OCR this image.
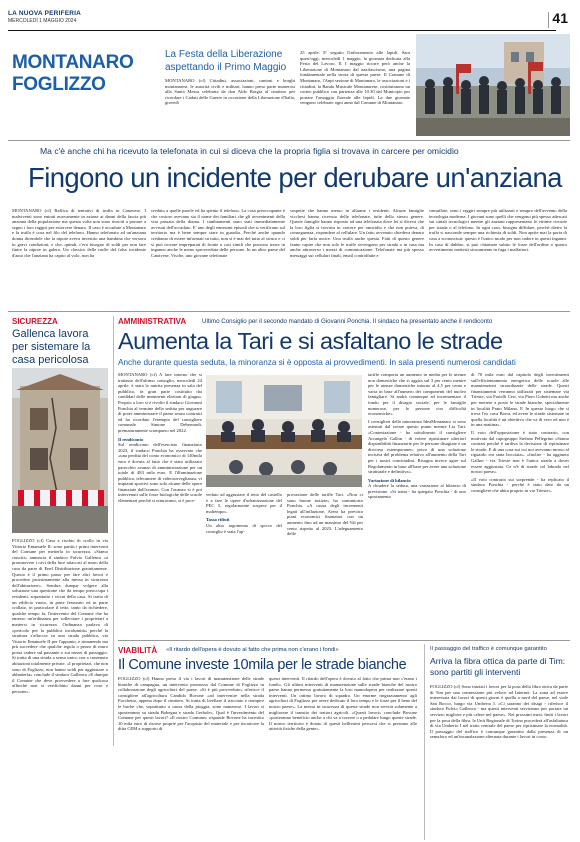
LA NUOVA PERIFERIA
MERCOLEDÌ 1 MAGGIO 2024	41
MONTANARO
FOGLIZZO
La Festa della Liberazione
aspettando il Primo Maggio
MONTANARO (cf) Cittadini, associazioni, cantoni e borghi montanaresi, le autorità civili e militari, hanno preso parte numerosi alla Santa Messa celebrata da don Aldo Borgia al cimitero per ricordare i Caduti delle Guerre in occasione della Liberazione d'Italia, giovedì
25 aprile. E' seguito l'infioramento alle lapidi. Sara quest'oggi, mercoledì 1 maggio, la giornata dedicata alla Festa del Lavoro. Il 1 maggio ricorre però anche la Liberazione di Montanaro dal nazifascismo, una pagina fondamentale nella storia di questo paese. Il Comune di Montanaro, l'Anpi sezione di Montanaro, le associazioni e i cittadini, la Banda Musicale Montanarese, costituiranno un corteo pubblico con partenza alle 10.30 dal Municipio per portare l'omaggio floreale alle lapidi. La due giornate vengono celebrate ogni anno dal Comune di Montanaro.
Ma c'è anche chi ha ricevuto la telefonata in cui si diceva che la propria figlia si trovava in carcere per omicidio
Fingono un incidente per derubare un'anziana
MONTANARO (cf) Raffica di tentativi di truffa in Canavese. I malviventi sono entrati nuovamente in azione ai danni della fascia più anziana della popolazione ma questa volta non sono riusciti a portare a segno i loro raggiri per estorcere denaro. Il caso è accaduto a Montanaro e la truffa è cosa nel filo del telefono. Hanno telefonato ad un'anziana donna dicendole che la nipote aveva investito una bambina che versava in gravi condizioni, e che, quindi, c'era bisogno di soldi per non fare finire la nipote in galera. Un classico delle truffe del falso incidente d'auto che l'anziana ha capito al volo, non ha
creduto a quelle parole ed ha spento il telefono. La cosa preoccupante è che costoro avevano sia il nome dei familiari che gli avvenimenti della vita passata della donna. I cambiamenti sono stati immediatamente avvisati dell'accaduto. E' uno degli ennesimi episodi che si verificano sul territorio ma è bene sempre stare in guardia. Perché anche quando crediamo di essere informati su tutto, non si è mai del tutto al sicuro e ci si può trovare impreparati di fronte a casi simili che possono trarre in inganno anche le meno sprovveduta delle persone. In un altro paese del Canavese, Vische, uno giovane telefonate
sospette che hanno messo in allarme i residenti. Alcune famiglie vicchesi hanno ricevuto delle telefonate, tutte dello stesso genere. Queste famiglie hanno risposto ad una telefonata dove lei si diceva che la loro figlia si trovava in carcere per omicidio e che non poteva, di conseguenza, rispondere al cellulare. Un fatto avvenuto chiedeva denaro soldi per farla uscire. Una truffa anche questa. Fatti di questo genere fanno capire che non solo le truffe avvengono per strada o in casa ma anche attraverso i mezzi di comunicazione. Telefonate ma più spesso messaggi sui cellulari finali, email contraffatte e
camuffate, sono i raggiri sempre più utilizzati e sempre dell'avvento della tecnologia moderna. I giovani sono quelli che vengono più spesso adescati sui canali tecnologici mentre gli anziani rappresentano le vittime circuite per strada o al telefono. In ogni caso, bisogna diffidare, perché dietro la truffa si nasconde sempre una richiesta di soldi. Non aprite mai la porta di casa a sconosciuti: questo è l'unico modo per non cadere in questi inganni. In caso di dubbio, si può chiamare subito le forze dell'ordine o questo avvertimento mettesti sicuramente in fuga i malfattori.
SICUREZZA
Gallenca lavora per sistemare la casa pericolosa
FOGLIZZO (cf) Casa a rischio di crollo in via Vittorio Emanuele II: sono partiti i primi interventi del Comune per metterla in sicurezza. «Siamo riusciti» annuncia il sindaco Fulvio Gallenca «a promuovere i cavi della luce attaccati al muro della casa da parte di Enel Distribuzione gratuitamente. Questo è il primo passo per fare altri lavori e procedere prossimamente alla messa in sicurezza dell'abitazione». Sembra dunque volgere alla soluzione una questione che da tempo preoccupa i residenti, soprattutto i vicini della casa. Si tratta di un edificio vuoto, in parte fessurato ed in parte crollato, in particolare il tetto, tanto da richiedere, qualche tempo fa, l'intervento del Comune che ha emesso un'ordinanza per sollecitare i proprietari a mettersi in sicurezza. Ordinanza parlava di «pericolo per la pubblica incolumità» perché la struttura s'affaccia su una strada pubblica, via Vittorio Emanuele II per l'appunto, e rimanendo ma più succedere che qualche tegola o pezzo di muro possa cadere sul passante o sui mezzi di passaggio. Si tratta di una strada a senso unico con a contenuto abitazioni totalmente private. «I proprietari, che non sono di Foglizzo, non hanno soldi per aggiustare o abbatterla» conclude il sindaco Gallenca «E dunque il Comune che deve provvedere a fare qualcosa affinché non si verifichino danni per cose e persone».
AMMINISTRATIVA	Ultimo Consiglio per il secondo mandato di Giovanni Ponchia. Il sindaco ha presentato anche il rendiconto
Aumenta la Tari e si asfaltano le strade
Anche durante questa seduta, la minoranza si è opposta ai provvedimenti. In sala presenti numerosi candidati
MONTANARO (cf) A fare intorno che si trattasse dell'ultimo consiglio, mercoledì 24 aprile, è stata la nutrita presenza in sala del pubblico, in gran parte costituito dai candidati delle imminenti elezioni di giugno. Proprio a loro si è rivolto il sindaco Giovanni Ponchia al termine della seduta per augurare di poter amministrare il paese senza contrasti ed ha ricordato l'esempio del consigliere comunale Simone Debernardi, prematuramente scomparso nel 2022.
Il rendiconto
Sul rendiconto dell'esercizio finanziario 2023, il sindaco Ponchia ha osservato che «una perdita del conto economico di 140mila euro è dovuta al fatto che è stato utilizzato parecchio avanzo di amministrazione per un totale di 483 mila euro. E l'illuminazione pubblica, telecamere di videosorveglianza, vi impianti sportivi sono solo alcune delle opere finanziate dall'avanzo. Con l'avanzo si è poi intervenuti sulle fosse biologiche delle scuole elementari perché si otturavano, si è prov-
veduto ad aggiustare il tetto del castello e a fare le opere d'urbanizzazione del PEC 5, regolarmente sospese per il maltempo».
Tassa rifiuti
Un altro argomento di spicco del consiglio è stata l'ap-
provazione delle tariffe Tari. «Non ci sono buone notizie» ha comunicato Ponchia. «A causa degli incrementi legati all'inflazione, Arera ha previsto piani economici finanziari con un aumento fino ad un massimo del %6 per cento rispetto al 2023. L'adeguamento delle
tariffe comporta un aumento in media per le utenze non domestiche che si aggira sul 3 per cento mentre per le utenze domestiche intorno al 4,5 per cento e varia in base all'numero dei componenti del nucleo famigliare. Si andrà comunque ad incrementare il fondo per il disagio sociale, per le famiglie numerose, per le persone con difficoltà economiche».
I consiglieri della minoranza IdeaMontanaro si sono astenuti dal votare questo punto mentre Lia Tarì. «Contestazione - ha sottolineato il consigliere Arcangelo Gallon - di volere ripristinare ulteriori disponibilità finanziarie per le persone disagiate è un discorso estemporaneo, privo di una soluzione incisiva del problema relativo all'aumento della Tari per i nostri concittadini. Bisogna invece agire sul Regolamento in base all'base per avere una soluzione strutturale e definitiva».
Variazione di bilancio
A chiudere la seduta, una variazione al bilancio di previsione. «Si tratta - ha spiegato Ponchia - di uno spostamento
di 70 mila euro dal capitolo degli investimenti sull'efficientamento energetico delle scuole alle manutenzioni straordinarie delle strade. Questi finanziamenti verranno utilizzati per sistemare via Trieste, via Fratelli Ceri, via Piero Gobetti ma anche per mettere a posto le strade bianche, specialmente in località Prato Milano. F. In questo luogo che si trova l'ex cava Borra, ed avere le strade sistemate in quella località è un obiettivo che va di vero ed non è in una mattina».
Il voto dell'opposizione è stato contrario, con motivato dal capogruppo Stefano Pellegrino «Siamo contrari perché è tardiva la decisione di ripristinare le strade. E di una cosa sui cui noi avevamo mosso al riguardo era stata bocciata». «Inoltre - ha aggiunto Gallon - via Trieste non è l'unica strada a dover essere aggiustata. Ce n'è di strade col labrado nel nostro paese».
«Il voto contrario sui sorprende - ha replicato il sindaco Ponchia - perché è stato dato da un consigliere che abita proprio in via Trieste».
VIABILITÀ «Il ritardo dell'opera è dovuto al fatto che prima non c'erano i fondi»
Il Comune investe 10mila per le strade bianche
FOGLIZZO (cf) Hanno preso il via i lavori di manutenzione delle strade bianche di campagna, un intervento promosso dal Comune di Foglizzo in collaborazione degli agricoltori del paese. «Si è più provveduto» riferisce il consigliere all'agricoltura Candido Bovone «ad intervenire nella strada Fucchetto, appena dopo il cimitero. Si tratta di livellare il tracciato e riempire le buche che, soprattutto a causa della pioggia, sono numerose. I lavori si sposteranno su strada Bobegna e strada Gerbole». Qual è l'investimento del Comune per questi lavori? «Il nostro Comune» risponde Bovone ha investito 10 mila euro di risorse proprie per l'acquisto del materiale e per incaricare la ditta CEM a supporto di
questi interventi. Il ritardo dell'opera è dovuto al fatto che prima non c'erano i fondi». Gli ultimi interventi di manutenzione sulle strade bianche del nostro paese hanno permesso gratuitamente la loro manodopera per realizzare questi interventi. Un ottimo lavoro di squadra. Un enorme ringraziamento agli agricoltori di Foglizzo per avere dedicato il loro tempo e le forze per il bene del nostro paese». La messa in sicurezza di queste strade non servirà solamente a migliorare il transito dei trattori agricoli. «Questi lavori» conclude Bovone «porteranno beneficio anche a chi va a correre o a pedalare lungo queste strade. Il nostro territorio è dotato di questi bellissimi percorsi che si prestano alle attività fisiche della gente».
Il passaggio del traffico è comunque garantito
Arriva la fibra ottica da parte di Tim: sono partiti gli interventi
FOGLIZZO (cf) Sono iniziati i lavori per la posa della fibra ottica da parte di Tim per una connessione più veloce ad Internet. La zona ad essere interessata dai lavori di questi giorni è quella a nord del paese, nel viale San Rocco, lungo via Umberto I. «Ci saranno dei disagi - riferisce il sindaco Fulvio Gallenca - ma questi interventi serviranno per portare un servizio migliore e più celere nel paese». Nei prossimi mesi, finiti i lavori per la posa della fibra, la Unit Regionale di Torino procederà all'asfaltatura di via Umberto I nel tratto centrale del paese per ripristinare la normalità. Il passaggio del traffico è comunque garantito dalla presenza di un semaforo ed un'incanalazione alternata durante i lavori in corso.
